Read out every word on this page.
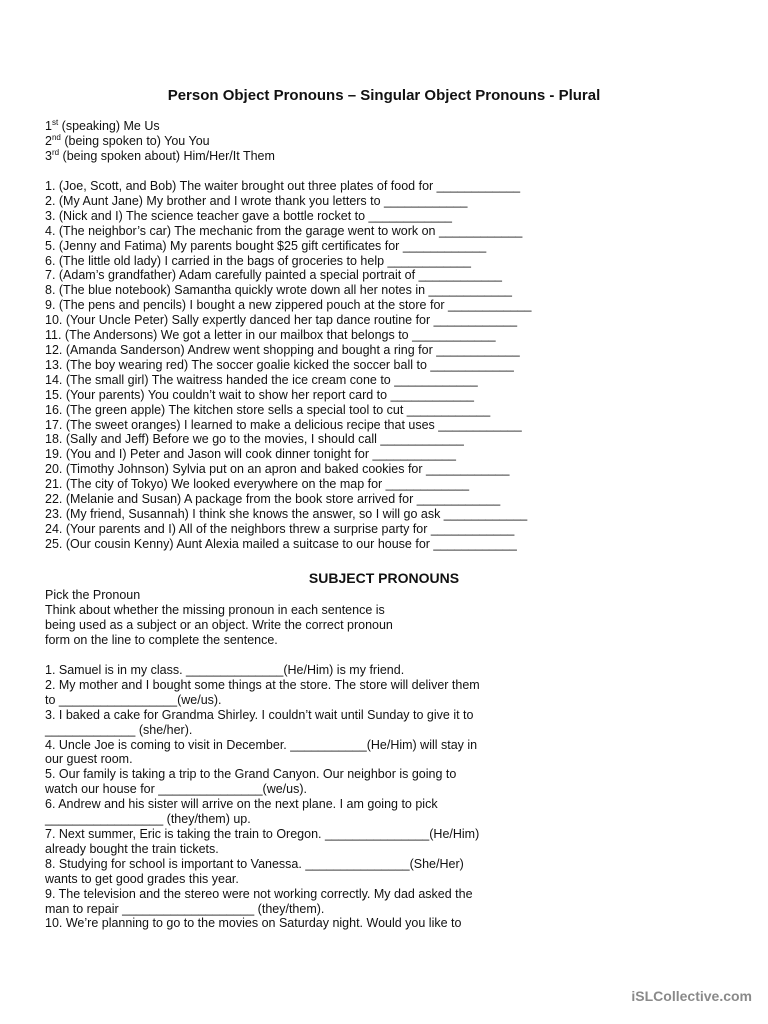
Person Object Pronouns – Singular Object Pronouns - Plural
1st (speaking) Me Us
2nd (being spoken to) You You
3rd (being spoken about) Him/Her/It Them
1. (Joe, Scott, and Bob) The waiter brought out three plates of food for ____________
2. (My Aunt Jane) My brother and I wrote thank you letters to ____________
3. (Nick and I) The science teacher gave a bottle rocket to ____________
4. (The neighbor’s car) The mechanic from the garage went to work on ____________
5. (Jenny and Fatima) My parents bought $25 gift certificates for ____________
6. (The little old lady) I carried in the bags of groceries to help ____________
7. (Adam’s grandfather) Adam carefully painted a special portrait of ____________
8. (The blue notebook) Samantha quickly wrote down all her notes in ____________
9. (The pens and pencils) I bought a new zippered pouch at the store for ____________
10. (Your Uncle Peter) Sally expertly danced her tap dance routine for ____________
11. (The Andersons) We got a letter in our mailbox that belongs to ____________
12. (Amanda Sanderson) Andrew went shopping and bought a ring for ____________
13. (The boy wearing red) The soccer goalie kicked the soccer ball to ____________
14. (The small girl) The waitress handed the ice cream cone to ____________
15. (Your parents) You couldn’t wait to show her report card to ____________
16. (The green apple) The kitchen store sells a special tool to cut ____________
17. (The sweet oranges) I learned to make a delicious recipe that uses ____________
18. (Sally and Jeff) Before we go to the movies, I should call ____________
19. (You and I) Peter and Jason will cook dinner tonight for ____________
20. (Timothy Johnson) Sylvia put on an apron and baked cookies for ____________
21. (The city of Tokyo) We looked everywhere on the map for ____________
22. (Melanie and Susan) A package from the book store arrived for ____________
23. (My friend, Susannah) I think she knows the answer, so I will go ask ____________
24. (Your parents and I) All of the neighbors threw a surprise party for ____________
25. (Our cousin Kenny) Aunt Alexia mailed a suitcase to our house for ____________
SUBJECT PRONOUNS
Pick the Pronoun
Think about whether the missing pronoun in each sentence is
being used as a subject or an object. Write the correct pronoun
form on the line to complete the sentence.
1. Samuel is in my class. ______________(He/Him) is my friend.
2. My mother and I bought some things at the store. The store will deliver them
to _________________(we/us).
3. I baked a cake for Grandma Shirley. I couldn’t wait until Sunday to give it to
_____________ (she/her).
4. Uncle Joe is coming to visit in December. ___________(He/Him) will stay in
our guest room.
5. Our family is taking a trip to the Grand Canyon. Our neighbor is going to
watch our house for _______________(we/us).
6. Andrew and his sister will arrive on the next plane. I am going to pick
_________________ (they/them) up.
7. Next summer, Eric is taking the train to Oregon. _______________(He/Him)
already bought the train tickets.
8. Studying for school is important to Vanessa. _______________(She/Her)
wants to get good grades this year.
9. The television and the stereo were not working correctly. My dad asked the
man to repair ___________________ (they/them).
10. We’re planning to go to the movies on Saturday night. Would you like to
iSLCollective.com
